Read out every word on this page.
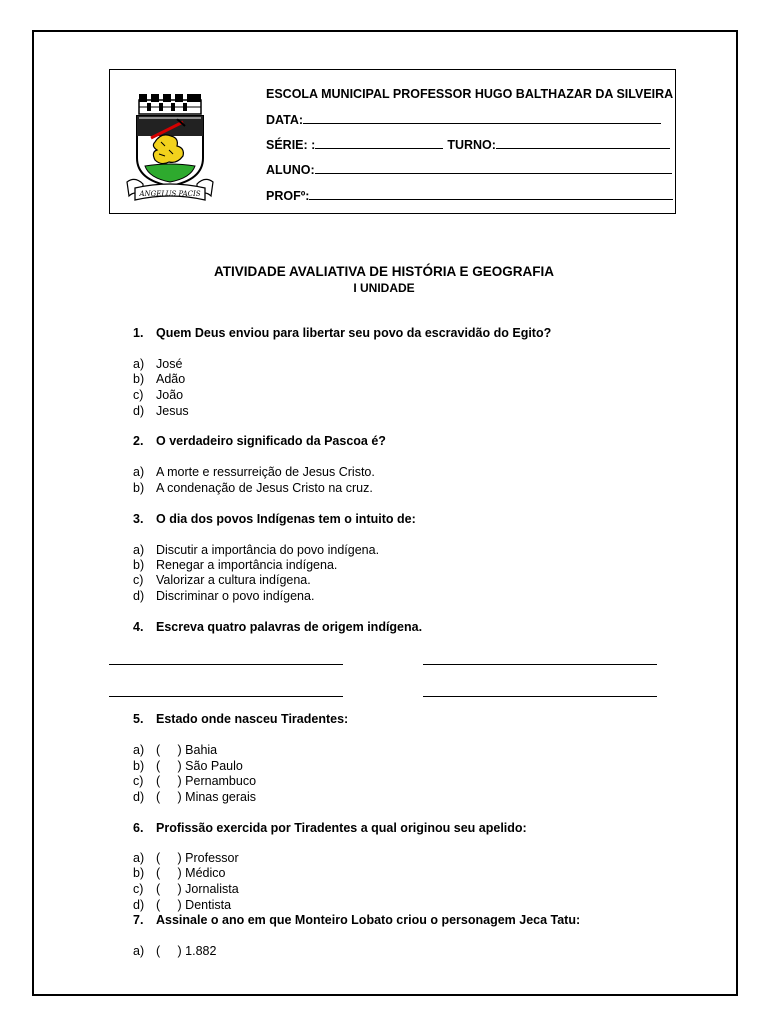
ANGELUS PACIS
ESCOLA MUNICIPAL PROFESSOR HUGO BALTHAZAR DA SILVEIRA
DATA:
SÉRIE: :	TURNO:
ALUNO:
PROFº:
ATIVIDADE AVALIATIVA DE HISTÓRIA E GEOGRAFIA
I UNIDADE
1. Quem Deus enviou para libertar seu povo da escravidão do Egito?
a) José
b) Adão
c) João
d) Jesus
2. O verdadeiro significado da Pascoa é?
a) A morte e ressurreição de Jesus Cristo.
b) A condenação de Jesus Cristo na cruz.
3. O dia dos povos Indígenas tem o intuito de:
a) Discutir a importância do povo indígena.
b) Renegar a importância indígena.
c) Valorizar a cultura indígena.
d) Discriminar o povo indígena.
4. Escreva quatro palavras de origem indígena.
5. Estado onde nasceu Tiradentes:
a) (     ) Bahia
b) (     ) São Paulo
c) (     ) Pernambuco
d) (     ) Minas gerais
6. Profissão exercida por Tiradentes a qual originou seu apelido:
a) (     ) Professor
b) (     ) Médico
c) (     ) Jornalista
d) (     ) Dentista
7. Assinale o ano em que Monteiro Lobato criou o personagem Jeca Tatu:
a) (     ) 1.882
